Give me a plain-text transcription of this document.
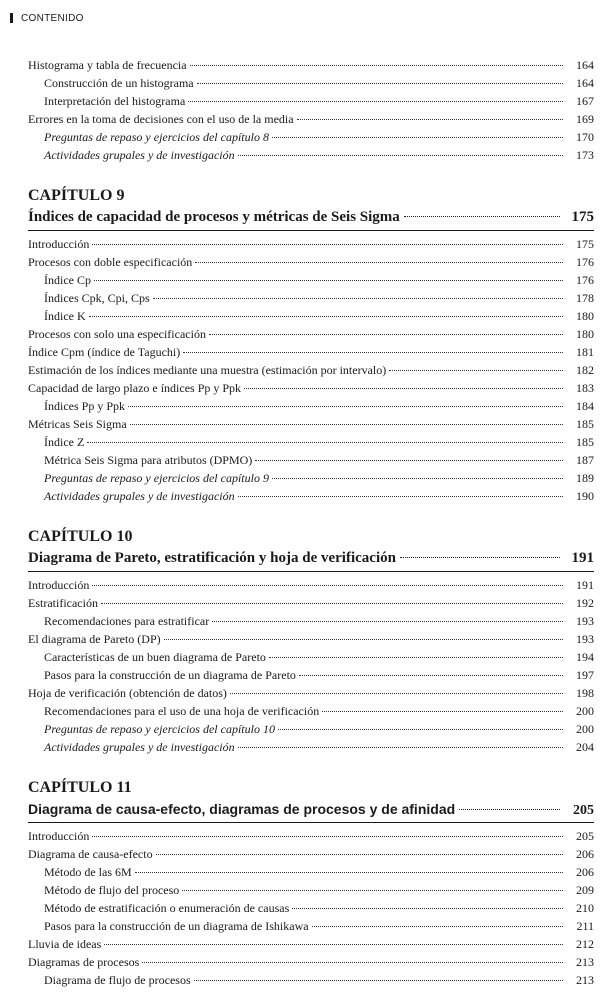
CONTENIDO
Histograma y tabla de frecuencia	164
Construcción de un histograma	164
Interpretación del histograma	167
Errores en la toma de decisiones con el uso de la media	169
Preguntas de repaso y ejercicios del capítulo 8	170
Actividades grupales y de investigación	173
CAPÍTULO 9
Índices de capacidad de procesos y métricas de Seis Sigma	175
Introducción	175
Procesos con doble especificación	176
Índice Cp	176
Índices Cpk, Cpi, Cps	178
Índice K	180
Procesos con solo una especificación	180
Índice Cpm (índice de Taguchi)	181
Estimación de los índices mediante una muestra (estimación por intervalo)	182
Capacidad de largo plazo e índices Pp y Ppk	183
Índices Pp y Ppk	184
Métricas Seis Sigma	185
Índice Z	185
Métrica Seis Sigma para atributos (DPMO)	187
Preguntas de repaso y ejercicios del capítulo 9	189
Actividades grupales y de investigación	190
CAPÍTULO 10
Diagrama de Pareto, estratificación y hoja de verificación	191
Introducción	191
Estratificación	192
Recomendaciones para estratificar	193
El diagrama de Pareto (DP)	193
Características de un buen diagrama de Pareto	194
Pasos para la construcción de un diagrama de Pareto	197
Hoja de verificación (obtención de datos)	198
Recomendaciones para el uso de una hoja de verificación	200
Preguntas de repaso y ejercicios del capítulo 10	200
Actividades grupales y de investigación	204
CAPÍTULO 11
Diagrama de causa-efecto, diagramas de procesos y de afinidad	205
Introducción	205
Diagrama de causa-efecto	206
Método de las 6M	206
Método de flujo del proceso	209
Método de estratificación o enumeración de causas	210
Pasos para la construcción de un diagrama de Ishikawa	211
Lluvia de ideas	212
Diagramas de procesos	213
Diagrama de flujo de procesos	213
